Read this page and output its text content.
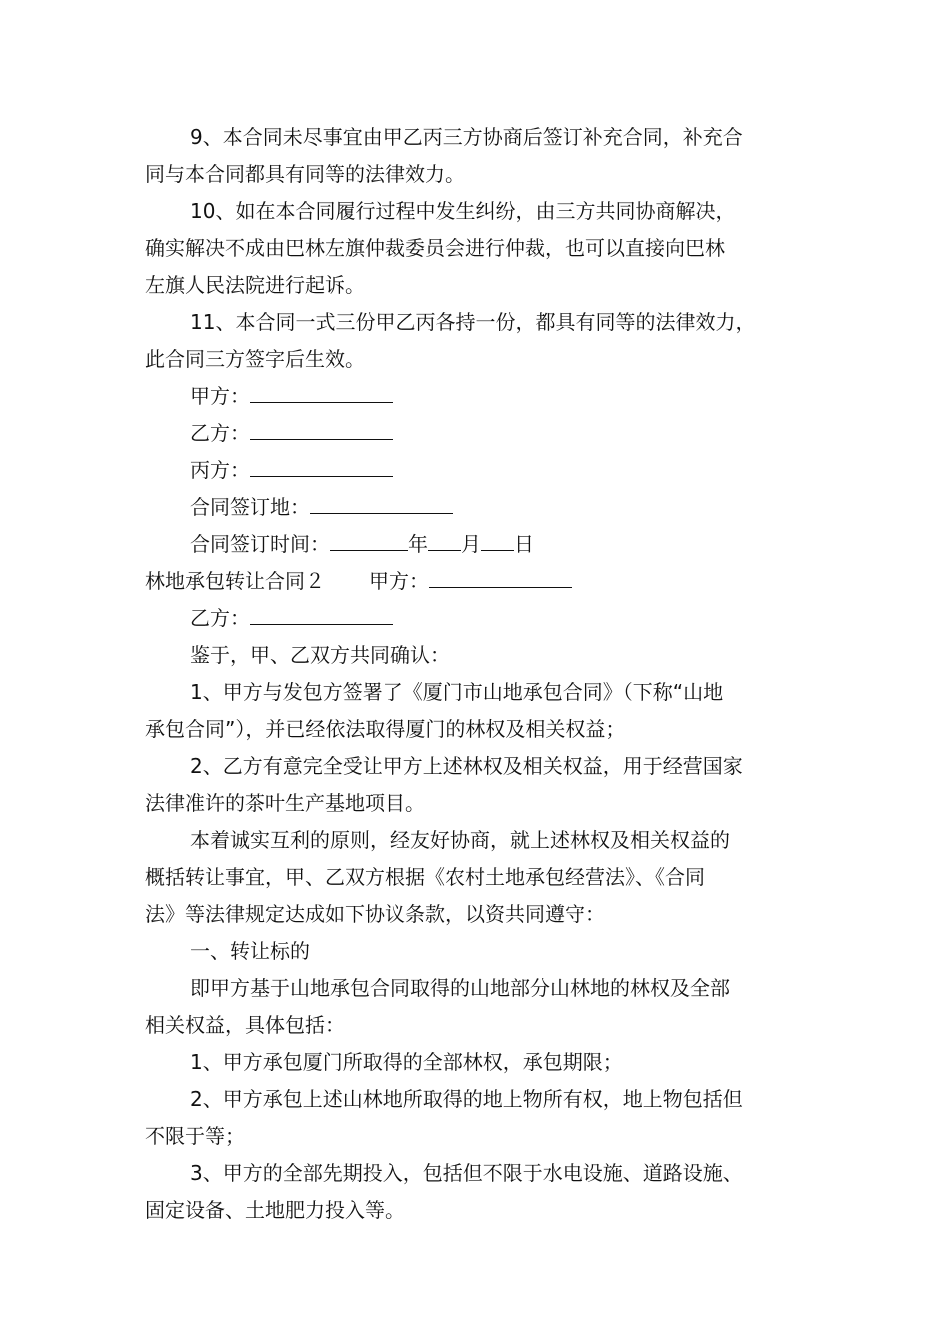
9、本合同未尽事宜由甲乙丙三方协商后签订补充合同，补充合
同与本合同都具有同等的法律效力。
10、如在本合同履行过程中发生纠纷，由三方共同协商解决，
确实解决不成由巴林左旗仲裁委员会进行仲裁，也可以直接向巴林
左旗人民法院进行起诉。
11、本合同一式三份甲乙丙各持一份，都具有同等的法律效力，
此合同三方签字后生效。
甲方：
乙方：
丙方：
合同签订地：
合同签订时间：	年 月 日
林地承包转让合同２ 甲方：
乙方：
鉴于，甲、乙双方共同确认：
1、甲方与发包方签署了《厦门市山地承包合同》（下称“山地
承包合同”），并已经依法取得厦门的林权及相关权益；
2、乙方有意完全受让甲方上述林权及相关权益，用于经营国家
法律准许的茶叶生产基地项目。
本着诚实互利的原则，经友好协商，就上述林权及相关权益的
概括转让事宜，甲、乙双方根据《农村土地承包经营法》、《合同
法》等法律规定达成如下协议条款，以资共同遵守：
一、转让标的
即甲方基于山地承包合同取得的山地部分山林地的林权及全部
相关权益，具体包括：
1、甲方承包厦门所取得的全部林权，承包期限；
2、甲方承包上述山林地所取得的地上物所有权，地上物包括但
不限于等；
3、甲方的全部先期投入，包括但不限于水电设施、道路设施、
固定设备、土地肥力投入等。
